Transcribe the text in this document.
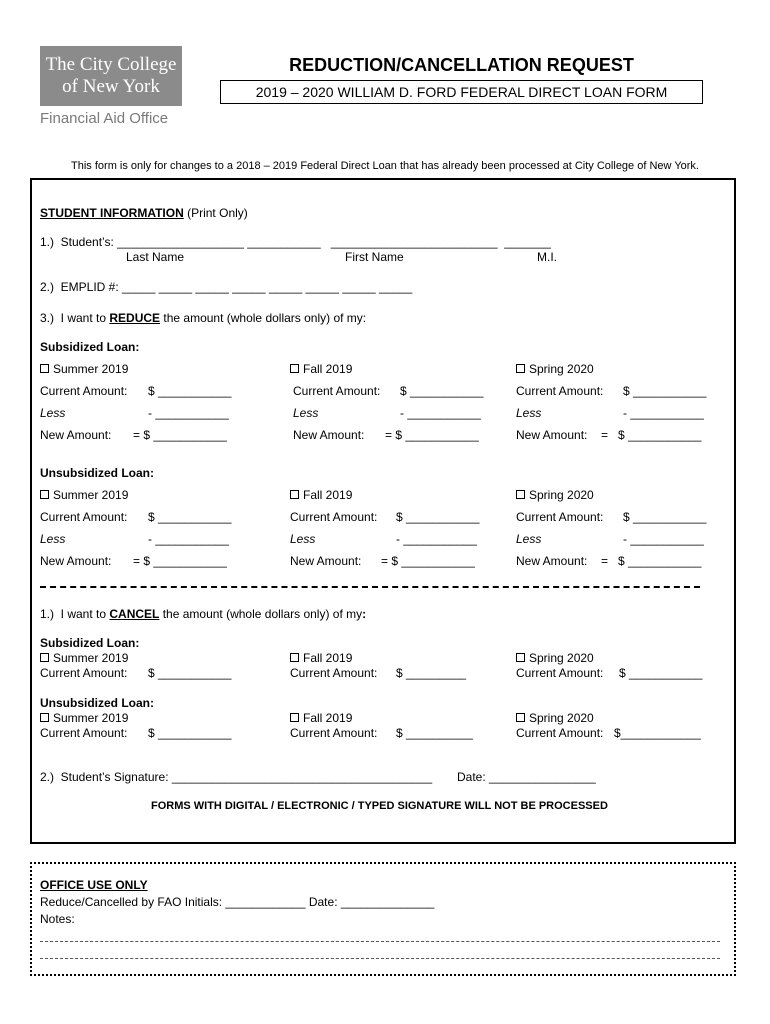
The City College
of New York
Financial Aid Office
REDUCTION/CANCELLATION REQUEST
2019 – 2020 WILLIAM D. FORD FEDERAL DIRECT LOAN FORM
This form is only for changes to a 2018 – 2019 Federal Direct Loan that has already been processed at City College of New York.
STUDENT INFORMATION (Print Only)
1.)  Student’s: ___________________ ___________   _________________________  _______
Last Name	First Name	M.I.
2.)  EMPLID #: _____ _____ _____ _____ _____ _____ _____ _____
3.)  I want to REDUCE the amount (whole dollars only) of my:
Subsidized Loan:
Summer 2019	Fall 2019	Spring 2020
Current Amount: $ ___________	Current Amount: $ ___________	Current Amount: $ ___________
Less	- ___________	Less	- ___________	Less	- ___________
New Amount: = $ ___________	New Amount: = $ ___________	New Amount: =   $ ___________
Unsubsidized Loan:
Summer 2019	Fall 2019	Spring 2020
Current Amount: $ ___________	Current Amount: $ ___________	Current Amount: $ ___________
Less	- ___________	Less	- ___________	Less	- ___________
New Amount: = $ ___________	New Amount: = $ ___________	New Amount: =   $ ___________
1.)  I want to CANCEL the amount (whole dollars only) of my:
Subsidized Loan:
Summer 2019	Fall 2019	Spring 2020
Current Amount: $ ___________	Current Amount: $ _________	Current Amount: $ ___________
Unsubsidized Loan:
Summer 2019	Fall 2019	Spring 2020
Current Amount: $ ___________	Current Amount: $ __________	Current Amount: $____________
2.)  Student’s Signature: _______________________________________ Date: ________________
FORMS WITH DIGITAL / ELECTRONIC / TYPED SIGNATURE WILL NOT BE PROCESSED
OFFICE USE ONLY
Reduce/Cancelled by FAO Initials: ____________ Date: ______________
Notes:
